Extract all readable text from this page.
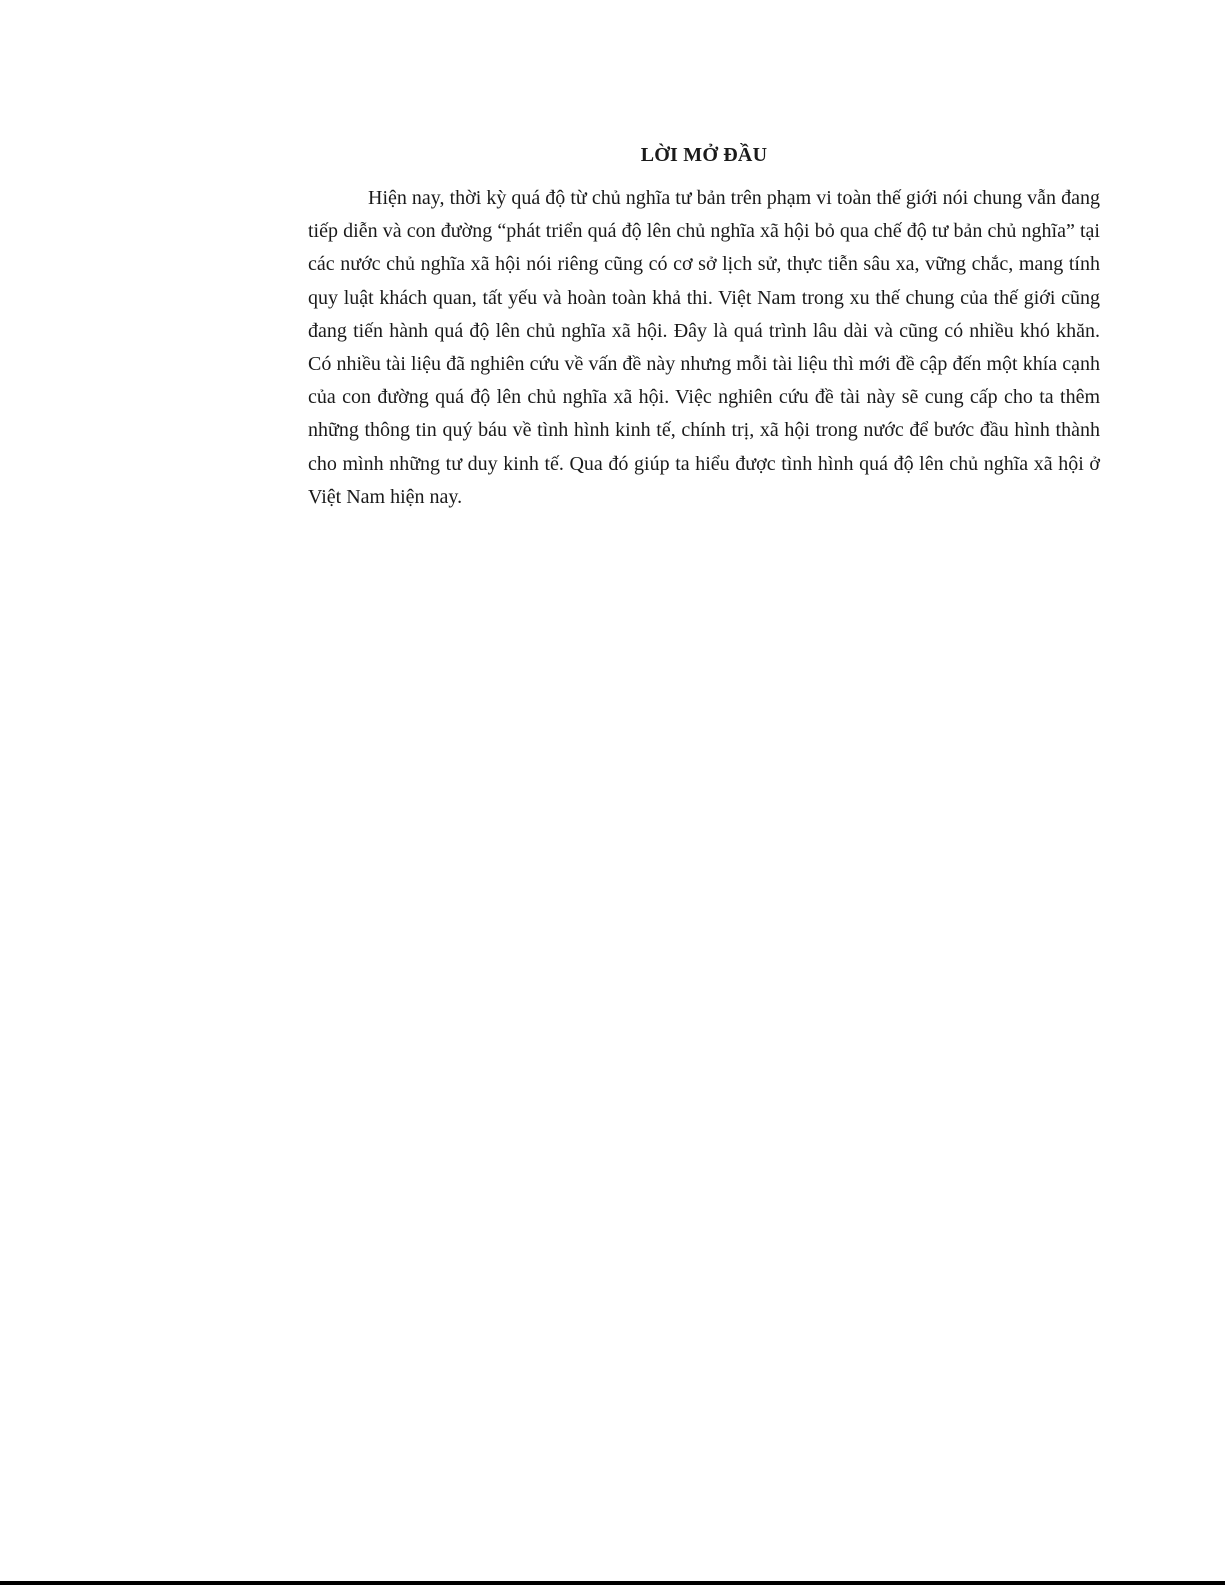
LỜI MỞ ĐẦU

Hiện nay, thời kỳ quá độ từ chủ nghĩa tư bản trên phạm vi toàn thế giới nói chung vẫn đang tiếp diễn và con đường “phát triển quá độ lên chủ nghĩa xã hội bỏ qua chế độ tư bản chủ nghĩa” tại các nước chủ nghĩa xã hội nói riêng cũng có cơ sở lịch sử, thực tiễn sâu xa, vững chắc, mang tính quy luật khách quan, tất yếu và hoàn toàn khả thi. Việt Nam trong xu thế chung của thế giới cũng đang tiến hành quá độ lên chủ nghĩa xã hội. Đây là quá trình lâu dài và cũng có nhiều khó khăn. Có nhiều tài liệu đã nghiên cứu về vấn đề này nhưng mỗi tài liệu thì mới đề cập đến một khía cạnh của con đường quá độ lên chủ nghĩa xã hội. Việc nghiên cứu đề tài này sẽ cung cấp cho ta thêm những thông tin quý báu về tình hình kinh tế, chính trị, xã hội trong nước để bước đầu hình thành cho mình những tư duy kinh tế. Qua đó giúp ta hiểu được tình hình quá độ lên chủ nghĩa xã hội ở Việt Nam hiện nay.
